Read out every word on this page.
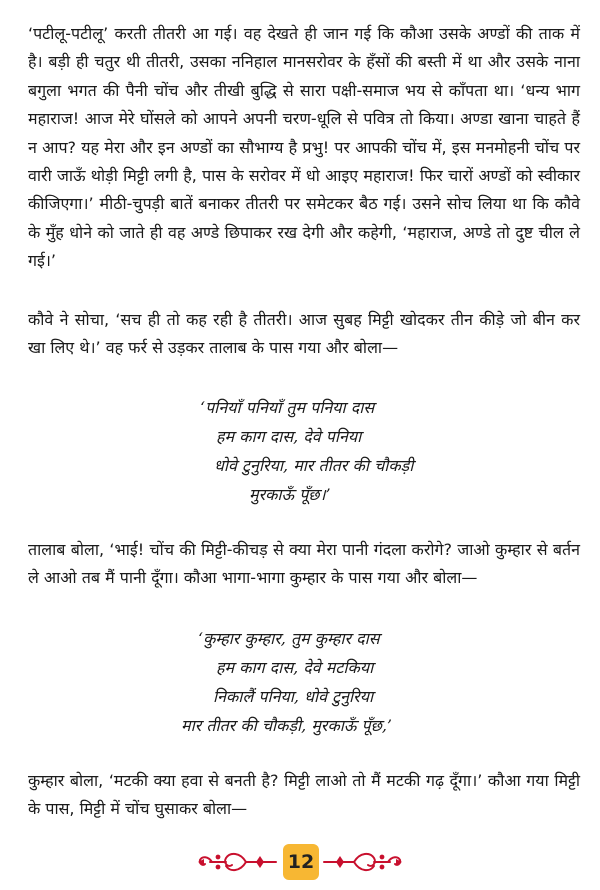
‘पटीलू-पटीलू’ करती तीतरी आ गई। वह देखते ही जान गई कि कौआ उसके अण्डों की ताक में है। बड़ी ही चतुर थी तीतरी, उसका ननिहाल मानसरोवर के हँसों की बस्ती में था और उसके नाना बगुला भगत की पैनी चोंच और तीखी बुद्धि से सारा पक्षी-समाज भय से काँपता था। ‘धन्य भाग महाराज! आज मेरे घोंसले को आपने अपनी चरण-धूलि से पवित्र तो किया। अण्डा खाना चाहते हैं न आप? यह मेरा और इन अण्डों का सौभाग्य है प्रभु! पर आपकी चोंच में, इस मनमोहनी चोंच पर वारी जाऊँ थोड़ी मिट्टी लगी है, पास के सरोवर में धो आइए महाराज! फिर चारों अण्डों को स्वीकार कीजिएगा।’ मीठी-चुपड़ी बातें बनाकर तीतरी पर समेटकर बैठ गई। उसने सोच लिया था कि कौवे के मुँह धोने को जाते ही वह अण्डे छिपाकर रख देगी और कहेगी, ‘महाराज, अण्डे तो दुष्ट चील ले गई।’

कौवे ने सोचा, ‘सच ही तो कह रही है तीतरी। आज सुबह मिट्टी खोदकर तीन कीड़े जो बीन कर खा लिए थे।’ वह फर्र से उड़कर तालाब के पास गया और बोला—

‘पनियाँ पनियाँ तुम पनिया दास
हम काग दास, देवे पनिया
धोवे टुनुरिया, मार तीतर की चौकड़ी
मुरकाऊँ पूँछ।’

तालाब बोला, ‘भाई! चोंच की मिट्टी-कीचड़ से क्या मेरा पानी गंदला करोगे? जाओ कुम्हार से बर्तन ले आओ तब मैं पानी दूँगा। कौआ भागा-भागा कुम्हार के पास गया और बोला—

‘कुम्हार कुम्हार, तुम कुम्हार दास
हम काग दास, देवे मटकिया
निकालैं पनिया, धोवे टुनुरिया
मार तीतर की चौकड़ी, मुरकाऊँ पूँछ,’

कुम्हार बोला, ‘मटकी क्या हवा से बनती है? मिट्टी लाओ तो मैं मटकी गढ़ दूँगा।’ कौआ गया मिट्टी के पास, मिट्टी में चोंच घुसाकर बोला—

12
